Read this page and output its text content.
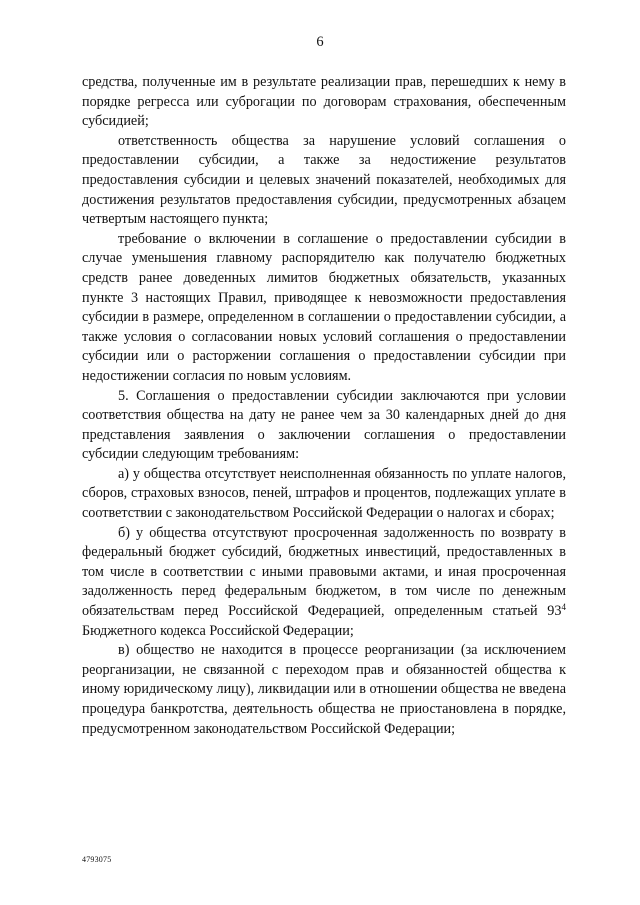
6

средства, полученные им в результате реализации прав, перешедших к нему в порядке регресса или суброгации по договорам страхования, обеспеченным субсидией;

ответственность общества за нарушение условий соглашения о предоставлении субсидии, а также за недостижение результатов предоставления субсидии и целевых значений показателей, необходимых для достижения результатов предоставления субсидии, предусмотренных абзацем четвертым настоящего пункта;

требование о включении в соглашение о предоставлении субсидии в случае уменьшения главному распорядителю как получателю бюджетных средств ранее доведенных лимитов бюджетных обязательств, указанных пункте 3 настоящих Правил, приводящее к невозможности предоставления субсидии в размере, определенном в соглашении о предоставлении субсидии, а также условия о согласовании новых условий соглашения о предоставлении субсидии или о расторжении соглашения о предоставлении субсидии при недостижении согласия по новым условиям.

5. Соглашения о предоставлении субсидии заключаются при условии соответствия общества на дату не ранее чем за 30 календарных дней до дня представления заявления о заключении соглашения о предоставлении субсидии следующим требованиям:

а) у общества отсутствует неисполненная обязанность по уплате налогов, сборов, страховых взносов, пеней, штрафов и процентов, подлежащих уплате в соответствии с законодательством Российской Федерации о налогах и сборах;

б) у общества отсутствуют просроченная задолженность по возврату в федеральный бюджет субсидий, бюджетных инвестиций, предоставленных в том числе в соответствии с иными правовыми актами, и иная просроченная задолженность перед федеральным бюджетом, в том числе по денежным обязательствам перед Российской Федерацией, определенным статьей $93^4$ Бюджетного кодекса Российской Федерации;

в) общество не находится в процессе реорганизации (за исключением реорганизации, не связанной с переходом прав и обязанностей общества к иному юридическому лицу), ликвидации или в отношении общества не введена процедура банкротства, деятельность общества не приостановлена в порядке, предусмотренном законодательством Российской Федерации;

4793075
